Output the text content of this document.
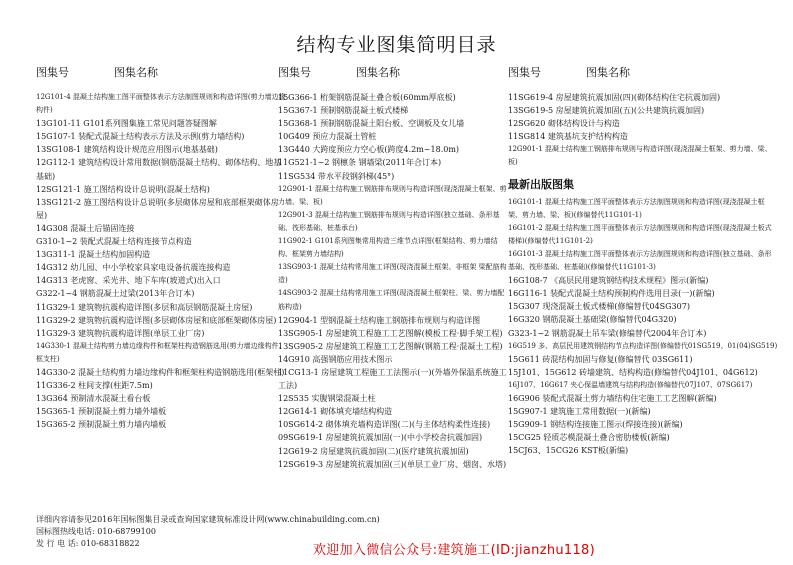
结构专业图集简明目录
图集号	图集名称
12G101-4 混凝土结构施工图平面整体表示方法制图规则和构造详图(剪力墙边缘构件)
13G101-11 G101系列图集施工常见问题答疑图解
15G107-1 装配式混凝土结构表示方法及示例(剪力墙结构)
13SG108-1 建筑结构设计规范应用图示(地基基础)
12G112-1 建筑结构设计常用数据(钢筋混凝土结构、砌体结构、地基基础)
12SG121-1 施工图结构设计总说明(混凝土结构)
13SG121-2 施工图结构设计总说明(多层砌体房屋和底部框架砌体房屋)
14G308 混凝土后锚固连接
G310-1~2 装配式混凝土结构连接节点构造
13G311-1 混凝土结构加固构造
14G312 幼儿园、中小学校家具家电设备抗震连接构造
14G313 老虎窗、采光井、地下车库(坡道式)出入口
G322-1~4 钢筋混凝土过梁(2013年合订本)
11G329-1 建筑物抗震构造详图(多层和高层钢筋混凝土房屋)
11G329-2 建筑物抗震构造详图(多层砌体房屋和底部框架砌体房屋)
11G329-3 建筑物抗震构造详图(单层工业厂房)
14G330-1 混凝土结构剪力墙边缘构件和框架柱构造钢筋选用(剪力墙边缘构件、框支柱)
14G330-2 混凝土结构剪力墙边缘构件和框架柱构造钢筋选用(框架柱)
11G336-2 柱间支撑(柱距7.5m)
13G364 预制清水混凝土看台板
15G365-1 预制混凝土剪力墙外墙板
15G365-2 预制混凝土剪力墙内墙板
图集号	图集名称
15G366-1 桁架钢筋混凝土叠合板(60mm厚底板)
15G367-1 预制钢筋混凝土板式楼梯
15G368-1 预制钢筋混凝土阳台板、空调板及女儿墙
10G409 预应力混凝土管桩
13G440 大跨度预应力空心板(跨度4.2m~18.0m)
11G521-1~2 钢檩条 钢墙梁(2011年合订本)
11SG534 带水平段钢斜梯(45°)
12G901-1 混凝土结构施工钢筋排布规则与构造详图(现浇混凝土框架、剪力墙、梁、板)
12G901-3 混凝土结构施工钢筋排布规则与构造详图(独立基础、条形基础、筏形基础、桩基承台)
11G902-1 G101系列图集常用构造三维节点详图(框架结构、剪力墙结构、框架剪力墙结构)
13SG903-1 混凝土结构常用施工详图(现浇混凝土框架、非框架 梁配筋构造)
14SG903-2 混凝土结构常用施工详图(现浇混凝土框架柱、梁、剪力墙配筋构造)
12G904-1 型钢混凝土结构施工钢筋排布规则与构造详图
13SG905-1 房屋建筑工程施工工艺图解(模板工程·脚手架工程)
13SG905-2 房屋建筑工程施工工艺图解(钢筋工程·混凝土工程)
14G910 高强钢筋应用技术图示
11CG13-1 房屋建筑工程施工工法图示(一)(外墙外保温系统施工工法)
12S535 实腹钢梁混凝土柱
12G614-1 砌体填充墙结构构造
10SG614-2 砌体填充墙构造详图(二)(与主体结构柔性连接)
09SG619-1 房屋建筑抗震加固(一)(中小学校舍抗震加固)
12G619-2 房屋建筑抗震加固(二)(医疗建筑抗震加固)
12SG619-3 房屋建筑抗震加固(三)(单层工业厂房、烟囱、水塔)
图集号	图集名称
11SG619-4 房屋建筑抗震加固(四)(砌体结构住宅抗震加固)
13SG619-5 房屋建筑抗震加固(五)(公共建筑抗震加固)
12SG620 砌体结构设计与构造
11SG814 建筑基坑支护结构构造
12G901-1 混凝土结构施工钢筋排布规则与构造详图(现浇混凝土框架、剪力墙、梁、板)
最新出版图集
16G101-1 混凝土结构施工图平面整体表示方法制图规则和构造详图(现浇混凝土框架、剪力墙、梁、板)(修编替代11G101-1)
16G101-2 混凝土结构施工图平面整体表示方法制图规则和构造详图(现浇混凝土板式楼梯)(修编替代11G101-2)
16G101-3 混凝土结构施工图平面整体表示方法制图规则和构造详图(独立基础、条形基础、筏形基础、桩基础)(修编替代11G101-3)
16G108-7 《高层民用建筑钢结构技术规程》图示(新编)
16G116-1 装配式混凝土结构预制构件选用目录(一)(新编)
15G307 现浇混凝土板式楼梯(修编替代04SG307)
16G320 钢筋混凝土基础梁(修编替代04G320)
G323-1~2 钢筋混凝土吊车梁(修编替代2004年合订本)
16G519 多、高层民用建筑钢结构节点构造详图(修编替代01SG519、01(04)SG519)
15G611 砖混结构加固与修复(修编替代 03SG611)
15J101、15G612 砖墙建筑、结构构造(修编替代04J101、04G612)
16J107、16G617 夹心保温墙建筑与结构构造(修编替代07J107、07SG617)
16G906 装配式混凝土剪力墙结构住宅施工工艺图解(新编)
15G907-1 建筑施工常用数据(一)(新编)
15G909-1 钢结构连接施工图示(焊接连接)(新编)
15CG25 轻质芯模混凝土叠合密肋楼板(新编)
15CJ63、15CG26 KST板(新编)
详细内容请参见2016年国标图集目录或查询国家建筑标准设计网(www.chinabuilding.com.cn)
国标图热线电话: 010-68799100
发 行 电 话: 010-68318822	欢迎加入微信公众号:建筑施工(ID:jianzhu118)
